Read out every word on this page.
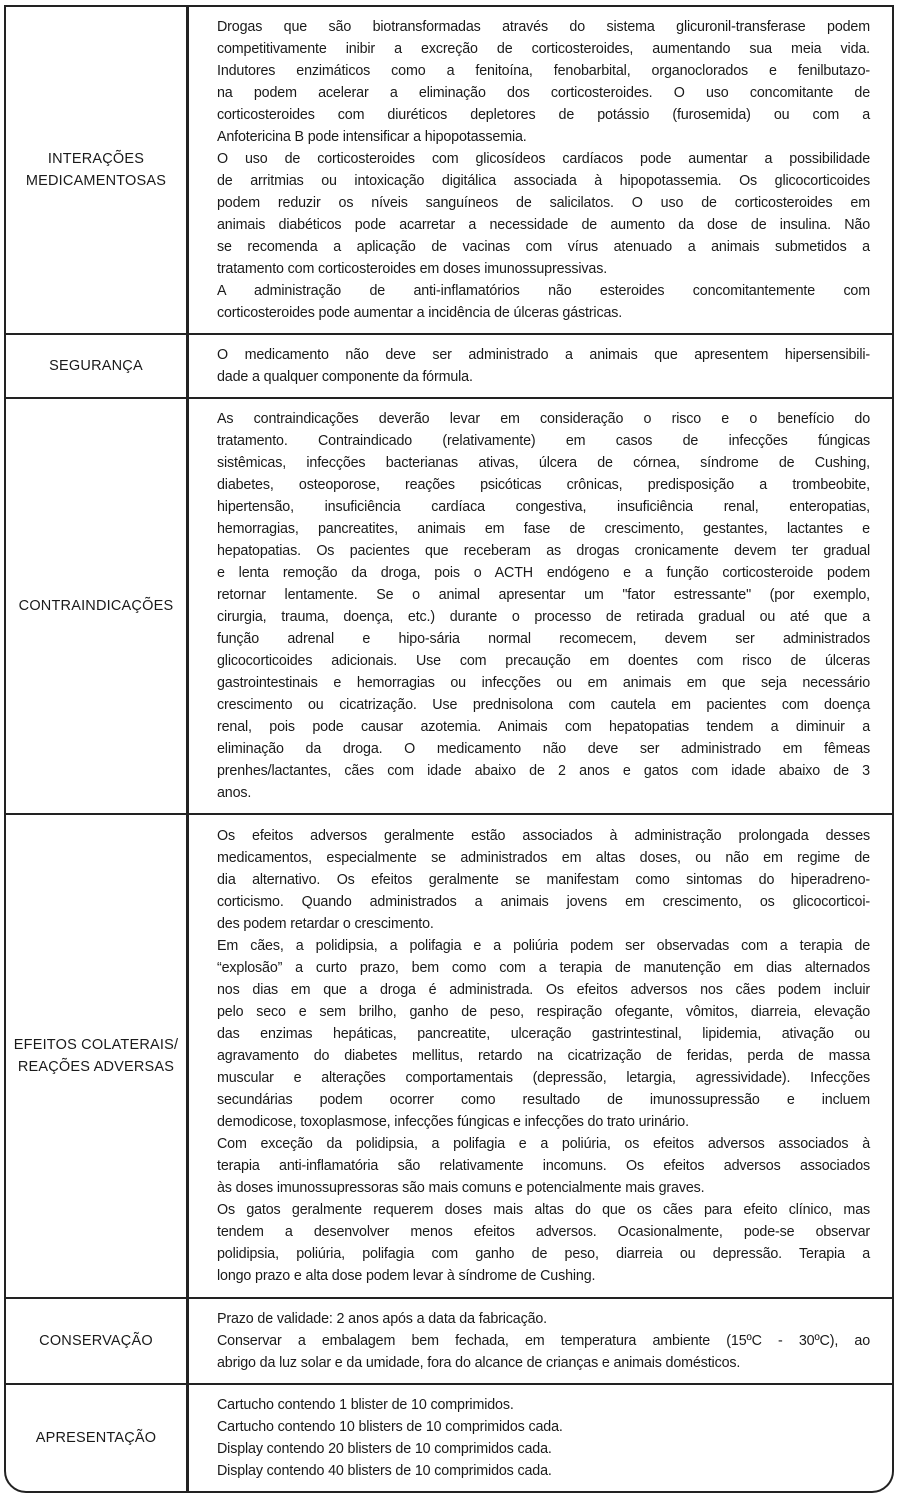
INTERAÇÕES
MEDICAMENTOSAS
Drogas que são biotransformadas através do sistema glicuronil-transferase podem
competitivamente inibir a excreção de corticosteroides, aumentando sua meia vida.
Indutores enzimáticos como a fenitoína, fenobarbital, organoclorados e fenilbutazo-
na podem acelerar a eliminação dos corticosteroides. O uso concomitante de
corticosteroides com diuréticos depletores de potássio (furosemida) ou com a
Anfotericina B pode intensificar a hipopotassemia.
O uso de corticosteroides com glicosídeos cardíacos pode aumentar a possibilidade
de arritmias ou intoxicação digitálica associada à hipopotassemia. Os glicocorticoides
podem reduzir os níveis sanguíneos de salicilatos. O uso de corticosteroides em
animais diabéticos pode acarretar a necessidade de aumento da dose de insulina. Não
se recomenda a aplicação de vacinas com vírus atenuado a animais submetidos a
tratamento com corticosteroides em doses imunossupressivas.
A administração de anti-inflamatórios não esteroides concomitantemente com
corticosteroides pode aumentar a incidência de úlceras gástricas.
SEGURANÇA
O medicamento não deve ser administrado a animais que apresentem hipersensibili-
dade a qualquer componente da fórmula.
CONTRAINDICAÇÕES
As contraindicações deverão levar em consideração o risco e o benefício do
tratamento. Contraindicado (relativamente) em casos de infecções fúngicas
sistêmicas, infecções bacterianas ativas, úlcera de córnea, síndrome de Cushing,
diabetes, osteoporose, reações psicóticas crônicas, predisposição a trombeobite,
hipertensão, insuficiência cardíaca congestiva, insuficiência renal, enteropatias,
hemorragias, pancreatites, animais em fase de crescimento, gestantes, lactantes e
hepatopatias. Os pacientes que receberam as drogas cronicamente devem ter gradual
e lenta remoção da droga, pois o ACTH endógeno e a função corticosteroide podem
retornar lentamente. Se o animal apresentar um "fator estressante" (por exemplo,
cirurgia, trauma, doença, etc.) durante o processo de retirada gradual ou até que a
função adrenal e hipo-sária normal recomecem, devem ser administrados
glicocorticoides adicionais. Use com precaução em doentes com risco de úlceras
gastrointestinais e hemorragias ou infecções ou em animais em que seja necessário
crescimento ou cicatrização. Use prednisolona com cautela em pacientes com doença
renal, pois pode causar azotemia. Animais com hepatopatias tendem a diminuir a
eliminação da droga. O medicamento não deve ser administrado em fêmeas
prenhes/lactantes, cães com idade abaixo de 2 anos e gatos com idade abaixo de 3
anos.
EFEITOS COLATERAIS/
REAÇÕES ADVERSAS
Os efeitos adversos geralmente estão associados à administração prolongada desses
medicamentos, especialmente se administrados em altas doses, ou não em regime de
dia alternativo. Os efeitos geralmente se manifestam como sintomas do hiperadreno-
corticismo. Quando administrados a animais jovens em crescimento, os glicocorticoi-
des podem retardar o crescimento.
Em cães, a polidipsia, a polifagia e a poliúria podem ser observadas com a terapia de
“explosão” a curto prazo, bem como com a terapia de manutenção em dias alternados
nos dias em que a droga é administrada. Os efeitos adversos nos cães podem incluir
pelo seco e sem brilho, ganho de peso, respiração ofegante, vômitos, diarreia, elevação
das enzimas hepáticas, pancreatite, ulceração gastrintestinal, lipidemia, ativação ou
agravamento do diabetes mellitus, retardo na cicatrização de feridas, perda de massa
muscular e alterações comportamentais (depressão, letargia, agressividade). Infecções
secundárias podem ocorrer como resultado de imunossupressão e incluem
demodicose, toxoplasmose, infecções fúngicas e infecções do trato urinário.
Com exceção da polidipsia, a polifagia e a poliúria, os efeitos adversos associados à
terapia anti-inflamatória são relativamente incomuns. Os efeitos adversos associados
às doses imunossupressoras são mais comuns e potencialmente mais graves.
Os gatos geralmente requerem doses mais altas do que os cães para efeito clínico, mas
tendem a desenvolver menos efeitos adversos. Ocasionalmente, pode-se observar
polidipsia, poliúria, polifagia com ganho de peso, diarreia ou depressão. Terapia a
longo prazo e alta dose podem levar à síndrome de Cushing.
CONSERVAÇÃO
Prazo de validade: 2 anos após a data da fabricação.
Conservar a embalagem bem fechada, em temperatura ambiente (15ºC - 30ºC), ao
abrigo da luz solar e da umidade, fora do alcance de crianças e animais domésticos.
APRESENTAÇÃO
Cartucho contendo 1 blister de 10 comprimidos.
Cartucho contendo 10 blisters de 10 comprimidos cada.
Display contendo 20 blisters de 10 comprimidos cada.
Display contendo 40 blisters de 10 comprimidos cada.
